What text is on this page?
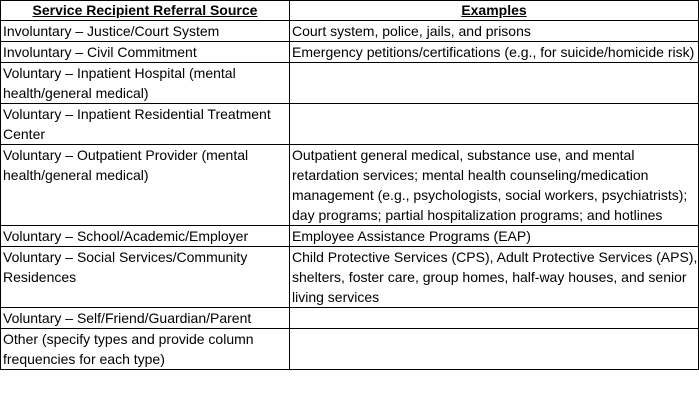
Service Recipient Referral Source	Examples
Involuntary – Justice/Court System	Court system, police, jails, and prisons
Involuntary – Civil Commitment	Emergency petitions/certifications (e.g., for suicide/homicide risk)
Voluntary – Inpatient Hospital (mental health/general medical)	
Voluntary – Inpatient Residential Treatment Center	
Voluntary – Outpatient Provider (mental health/general medical)	Outpatient general medical, substance use, and mental retardation services; mental health counseling/medication management (e.g., psychologists, social workers, psychiatrists); day programs; partial hospitalization programs; and hotlines
Voluntary – School/Academic/Employer	Employee Assistance Programs (EAP)
Voluntary – Social Services/Community Residences	Child Protective Services (CPS), Adult Protective Services (APS), shelters, foster care, group homes, half-way houses, and senior living services
Voluntary – Self/Friend/Guardian/Parent	
Other (specify types and provide column frequencies for each type)	
